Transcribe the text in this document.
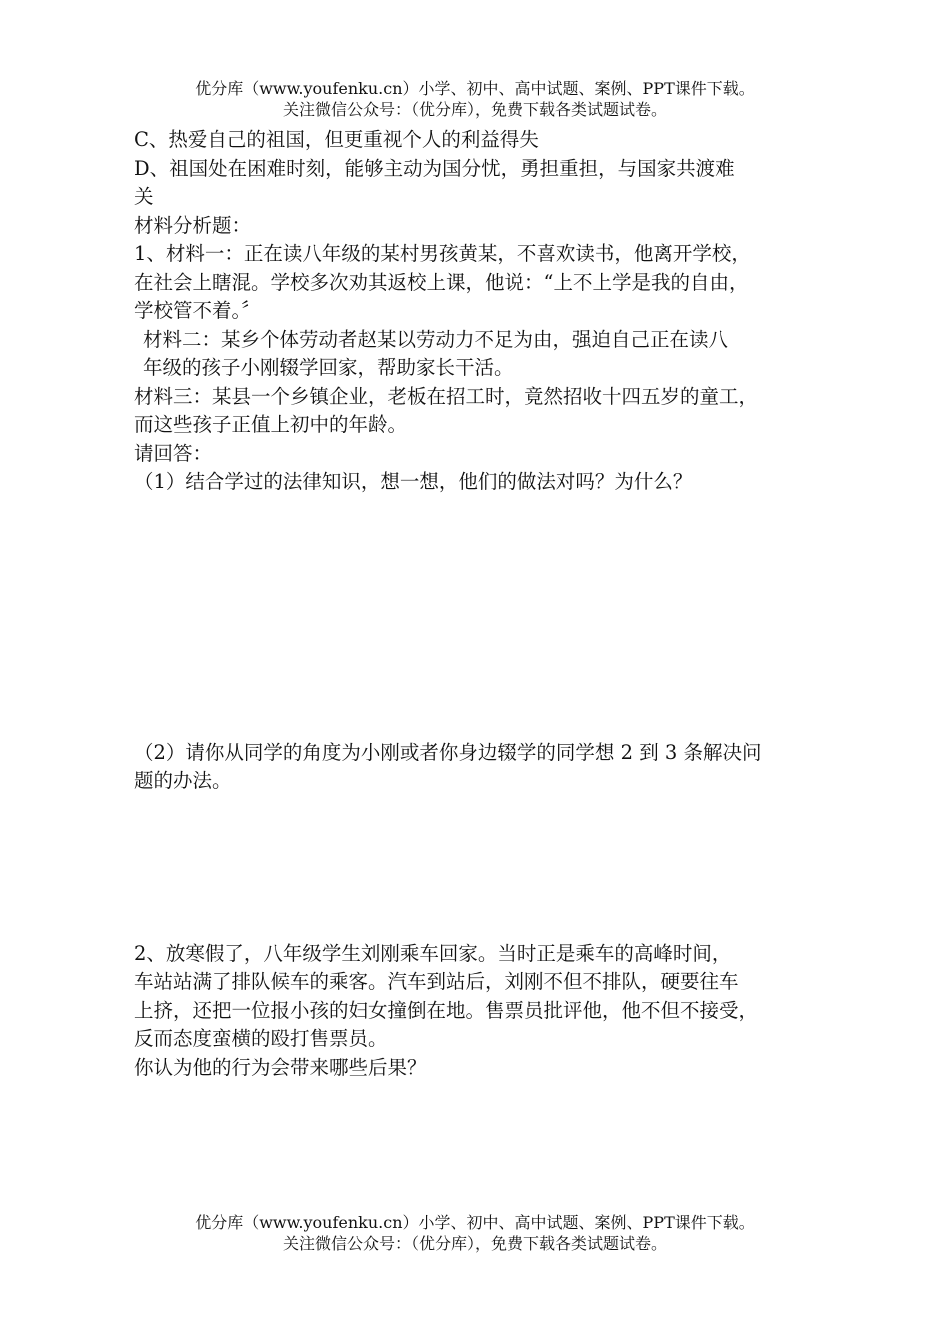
优分库（www.youfenku.cn）小学、初中、高中试题、案例、PPT课件下载。
关注微信公众号：（优分库），免费下载各类试题试卷。
C、热爱自己的祖国，但更重视个人的利益得失
D、祖国处在困难时刻，能够主动为国分忧，勇担重担，与国家共渡难
关
材料分析题：
1、材料一：正在读八年级的某村男孩黄某，不喜欢读书，他离开学校，
在社会上瞎混。学校多次劝其返校上课，他说：“上不上学是我的自由，
学校管不着。〞
材料二：某乡个体劳动者赵某以劳动力不足为由，强迫自己正在读八
年级的孩子小刚辍学回家，帮助家长干活。
材料三：某县一个乡镇企业，老板在招工时，竟然招收十四五岁的童工，
而这些孩子正值上初中的年龄。
请回答：
（1）结合学过的法律知识，想一想，他们的做法对吗？为什么？
（2）请你从同学的角度为小刚或者你身边辍学的同学想 2 到 3 条解决问
题的办法。
2、放寒假了，八年级学生刘刚乘车回家。当时正是乘车的高峰时间，
车站站满了排队候车的乘客。汽车到站后，刘刚不但不排队，硬要往车
上挤，还把一位报小孩的妇女撞倒在地。售票员批评他，他不但不接受，
反而态度蛮横的殴打售票员。
你认为他的行为会带来哪些后果？
优分库（www.youfenku.cn）小学、初中、高中试题、案例、PPT课件下载。
关注微信公众号：（优分库），免费下载各类试题试卷。
